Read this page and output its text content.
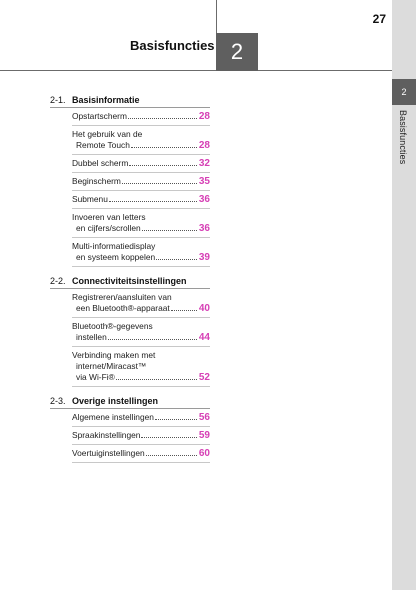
2
Basisfuncties
27
Basisfuncties 2
2-1. Basisinformatie
Opstartscherm	28
Het gebruik van de
Remote Touch	28
Dubbel scherm	32
Beginscherm	35
Submenu	36
Invoeren van letters
en cijfers/scrollen	36
Multi-informatiedisplay
en systeem koppelen	39
2-2. Connectiviteitsinstellingen
Registreren/aansluiten van
een Bluetooth®-apparaat	40
Bluetooth®-gegevens
instellen	44
Verbinding maken met
internet/Miracast™
via Wi-Fi®	52
2-3. Overige instellingen
Algemene instellingen	56
Spraakinstellingen	59
Voertuiginstellingen	60
